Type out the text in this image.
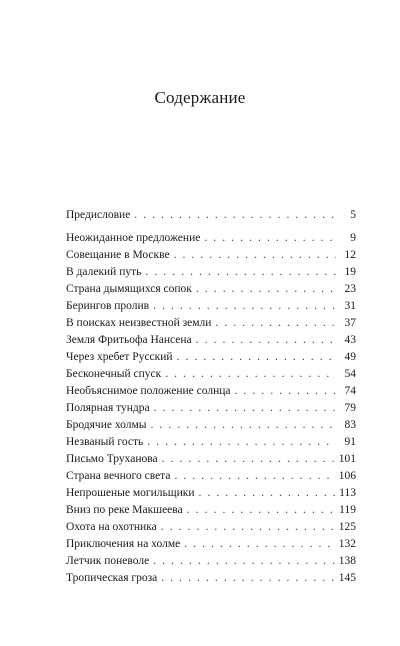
Содержание
Предисловие . . .	5
Неожиданное предложение . . .	9
Совещание в Москве . . .	12
В далекий путь . . .	19
Страна дымящихся сопок . . .	23
Берингов пролив . . .	31
В поисках неизвестной земли . . .	37
Земля Фритьофа Нансена . . .	43
Через хребет Русский . . .	49
Бесконечный спуск . . .	54
Необъяснимое положение солнца . . .	74
Полярная тундра . . .	79
Бродячие холмы . . .	83
Незваный гость . . .	91
Письмо Труханова . . .	101
Страна вечного света . . .	106
Непрошеные могильщики . . .	113
Вниз по реке Макшеева . . .	119
Охота на охотника . . .	125
Приключения на холме . . .	132
Летчик поневоле . . .	138
Тропическая гроза . . .	145
